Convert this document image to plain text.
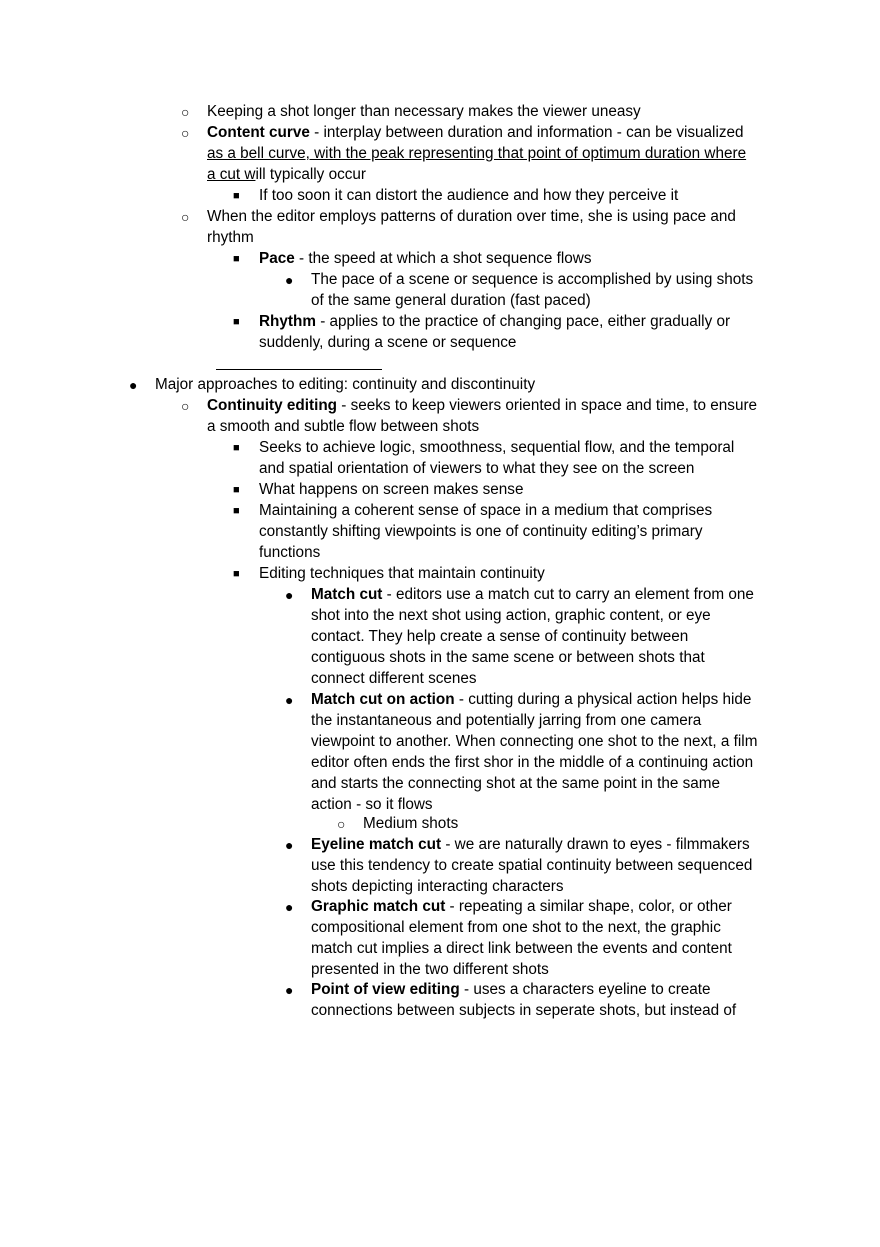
○ Keeping a shot longer than necessary makes the viewer uneasy
○ Content curve - interplay between duration and information - can be visualized
as a bell curve, with the peak representing that point of optimum duration where
a cut will typically occur
■ If too soon it can distort the audience and how they perceive it
○ When the editor employs patterns of duration over time, she is using pace and
rhythm
■ Pace - the speed at which a shot sequence flows
● The pace of a scene or sequence is accomplished by using shots
of the same general duration (fast paced)
■ Rhythm - applies to the practice of changing pace, either gradually or
suddenly, during a scene or sequence
● Major approaches to editing: continuity and discontinuity
○ Continuity editing - seeks to keep viewers oriented in space and time, to ensure
a smooth and subtle flow between shots
■ Seeks to achieve logic, smoothness, sequential flow, and the temporal
and spatial orientation of viewers to what they see on the screen
■ What happens on screen makes sense
■ Maintaining a coherent sense of space in a medium that comprises
constantly shifting viewpoints is one of continuity editing’s primary
functions
■ Editing techniques that maintain continuity
● Match cut - editors use a match cut to carry an element from one
shot into the next shot using action, graphic content, or eye
contact. They help create a sense of continuity between
contiguous shots in the same scene or between shots that
connect different scenes
● Match cut on action - cutting during a physical action helps hide
the instantaneous and potentially jarring from one camera
viewpoint to another. When connecting one shot to the next, a film
editor often ends the first shor in the middle of a continuing action
and starts the connecting shot at the same point in the same
action - so it flows
○ Medium shots
● Eyeline match cut - we are naturally drawn to eyes - filmmakers
use this tendency to create spatial continuity between sequenced
shots depicting interacting characters
● Graphic match cut - repeating a similar shape, color, or other
compositional element from one shot to the next, the graphic
match cut implies a direct link between the events and content
presented in the two different shots
● Point of view editing - uses a characters eyeline to create
connections between subjects in seperate shots, but instead of
